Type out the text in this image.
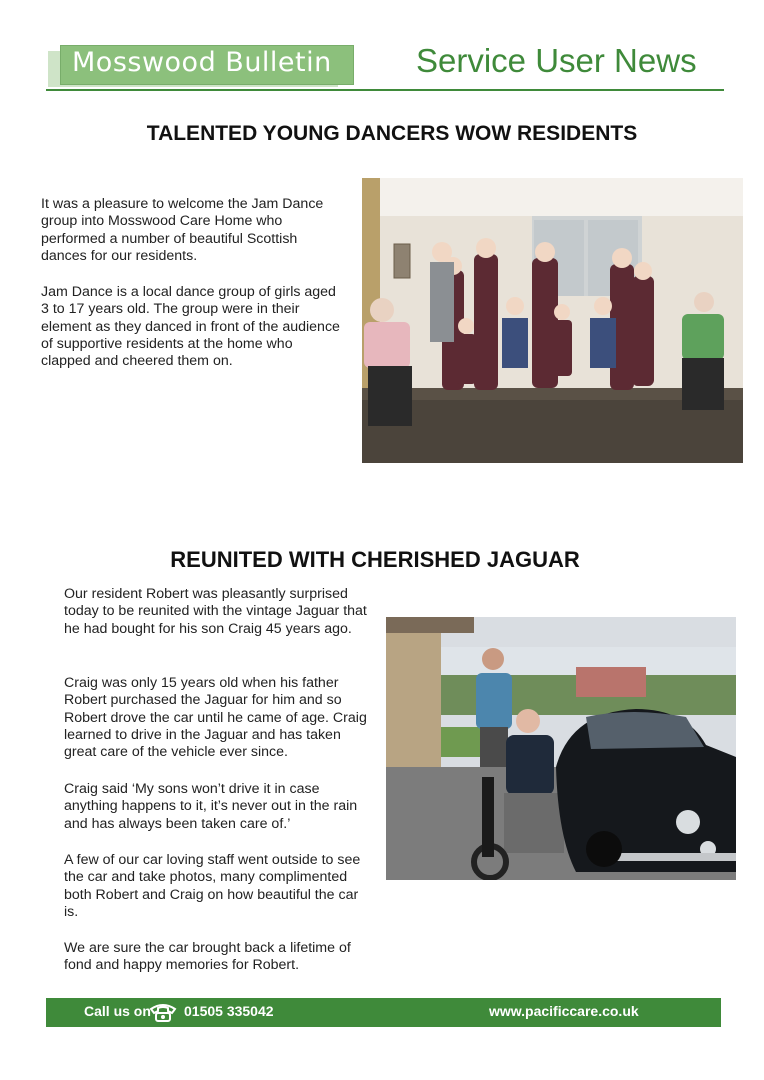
Mosswood Bulletin	Service User News
TALENTED YOUNG DANCERS WOW RESIDENTS
It was a pleasure to welcome the Jam Dance group into Mosswood Care Home who performed a number of beautiful Scottish dances for our residents.
Jam Dance is a local dance group of girls aged 3 to 17 years old. The group were in their element as they danced in front of the audience of supportive residents at the home who clapped and cheered them on.
REUNITED WITH CHERISHED JAGUAR
Our resident Robert was pleasantly surprised today to be reunited with the vintage Jaguar that he had bought for his son Craig 45 years ago.
Craig was only 15 years old when his father Robert purchased the Jaguar for him and so Robert drove the car until he came of age. Craig learned to drive in the Jaguar and has taken great care of the vehicle ever since.
Craig said ‘My sons won’t drive it in case anything happens to it, it’s never out in the rain and has always been taken care of.’
A few of our car loving staff went outside to see the car and take photos, many complimented both Robert and Craig on how beautiful the car is.
We are sure the car brought back a lifetime of fond and happy memories for Robert.
Call us on 01505 335042	www.pacificcare.co.uk
